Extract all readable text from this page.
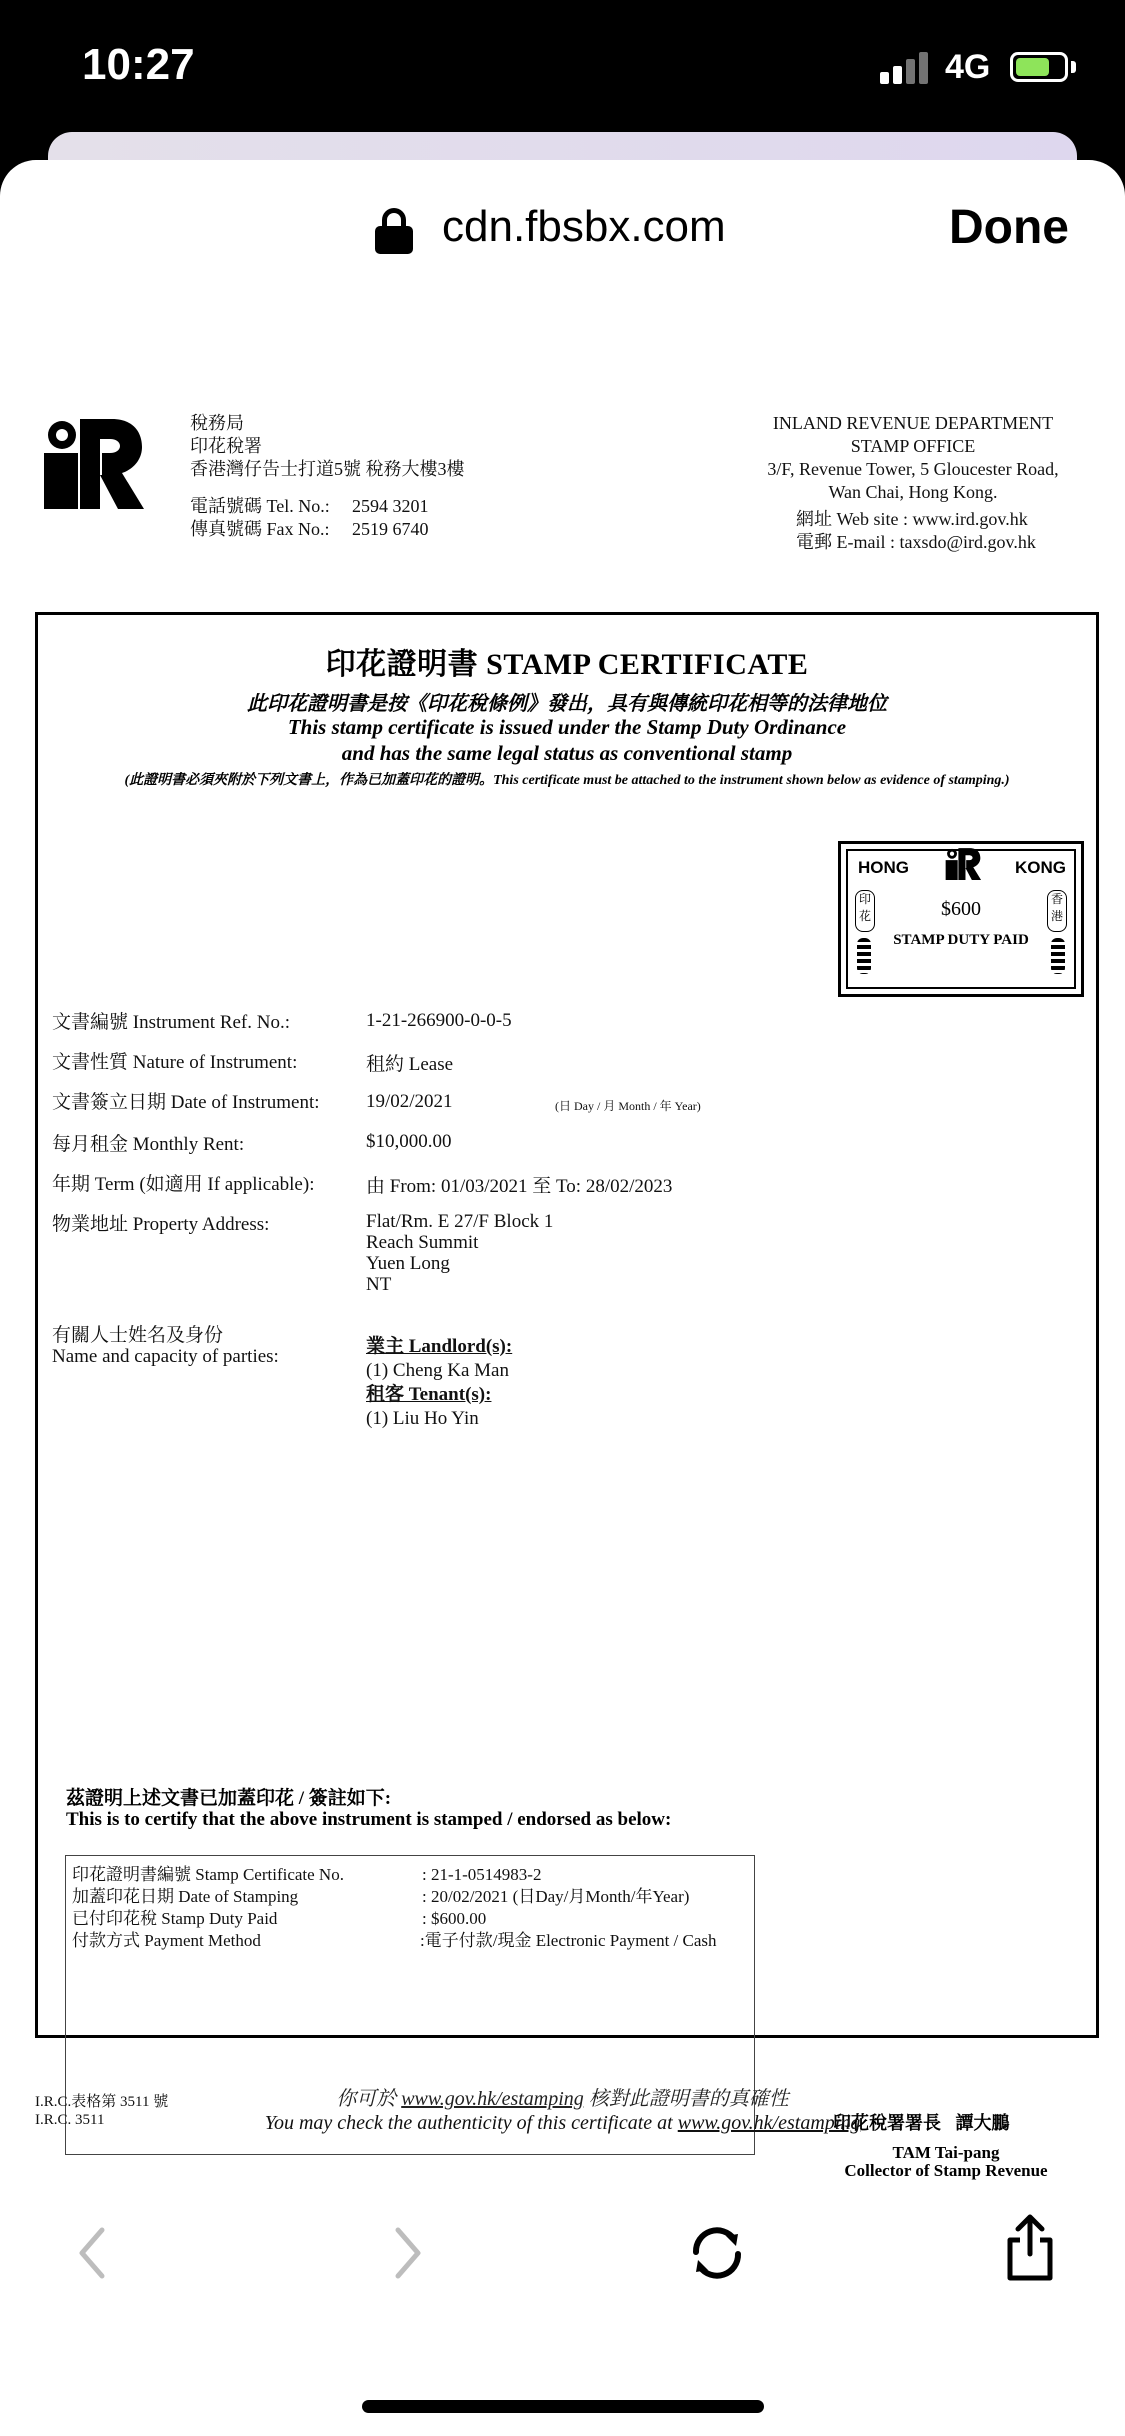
10:27	4G
cdn.fbsbx.com	Done
稅務局
印花稅署
香港灣仔告士打道5號 稅務大樓3樓
電話號碼 Tel. No.: 2594 3201
傳真號碼 Fax No.: 2519 6740
INLAND REVENUE DEPARTMENT
STAMP OFFICE
3/F, Revenue Tower, 5 Gloucester Road,
Wan Chai, Hong Kong.
網址 Web site : www.ird.gov.hk
電郵 E-mail : taxsdo@ird.gov.hk
印花證明書 STAMP CERTIFICATE
此印花證明書是按《印花稅條例》發出，具有與傳統印花相等的法律地位
This stamp certificate is issued under the Stamp Duty Ordinance
and has the same legal status as conventional stamp
(此證明書必須夾附於下列文書上，作為已加蓋印花的證明。This certificate must be attached to the instrument shown below as evidence of stamping.)
文書編號 Instrument Ref. No.:	1-21-266900-0-0-5
文書性質 Nature of Instrument:	租約 Lease
文書簽立日期 Date of Instrument: 19/02/2021	(日 Day / 月 Month / 年 Year)
每月租金 Monthly Rent:	$10,000.00
年期 Term (如適用 If applicable):	由 From: 01/03/2021 至 To: 28/02/2023
物業地址 Property Address:	Flat/Rm. E 27/F Block 1
Reach Summit
Yuen Long
NT
有關人士姓名及身份
Name and capacity of parties:	業主 Landlord(s):
(1) Cheng Ka Man
租客 Tenant(s):
(1) Liu Ho Yin
HONG	KONG
印花
香港
$600
STAMP DUTY PAID
茲證明上述文書已加蓋印花 / 簽註如下:
This is to certify that the above instrument is stamped / endorsed as below:
印花證明書編號 Stamp Certificate No.	: 21-1-0514983-2
加蓋印花日期 Date of Stamping	: 20/02/2021 (日Day/月Month/年Year)
已付印花稅 Stamp Duty Paid	: $600.00
付款方式 Payment Method	:電子付款/現金 Electronic Payment / Cash
印花稅署署長 譚大鵬
TAM Tai-pang
Collector of Stamp Revenue
I.R.C.表格第 3511 號
I.R.C. 3511
你可於 www.gov.hk/estamping 核對此證明書的真確性
You may check the authenticity of this certificate at www.gov.hk/estamping
